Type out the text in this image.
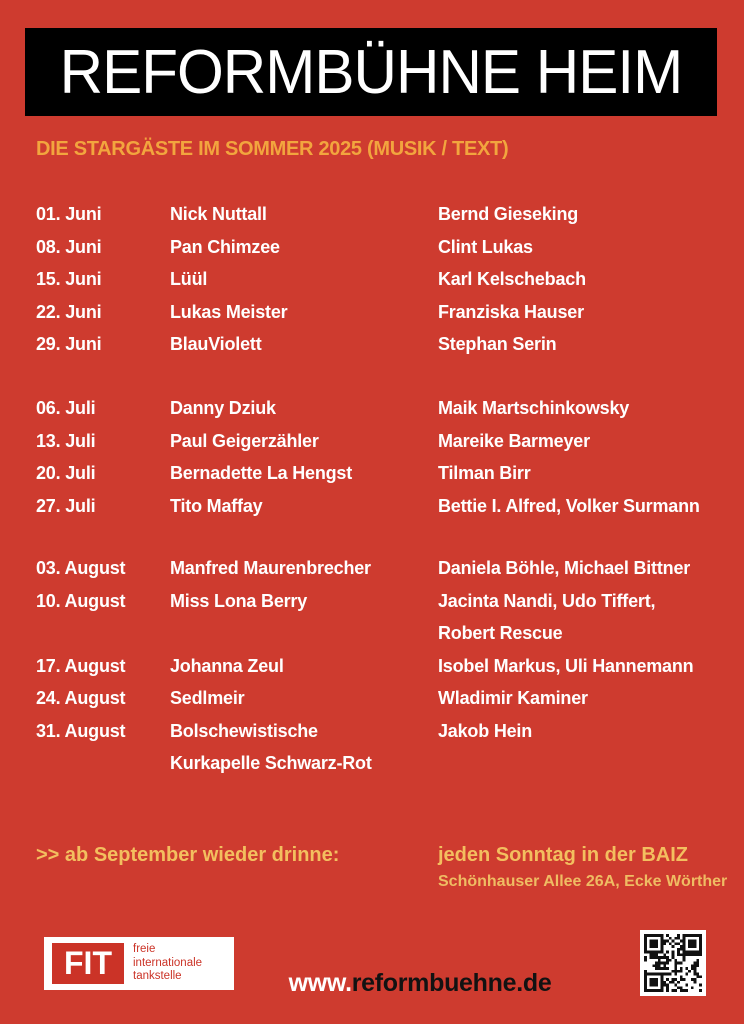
REFORMBÜHNE HEIM
DIE STARGÄSTE IM SOMMER 2025 (MUSIK / TEXT)
01. Juni	Nick Nuttall	Bernd Gieseking
08. Juni	Pan Chimzee	Clint Lukas
15. Juni	Lüül	Karl Kelschebach
22. Juni	Lukas Meister	Franziska Hauser
29. Juni	BlauViolett	Stephan Serin
06. Juli	Danny Dziuk	Maik Martschinkowsky
13. Juli	Paul Geigerzähler	Mareike Barmeyer
20. Juli	Bernadette La Hengst	Tilman Birr
27. Juli	Tito Maffay	Bettie I. Alfred, Volker Surmann
03. August	Manfred Maurenbrecher	Daniela Böhle, Michael Bittner
10. August	Miss Lona Berry	Jacinta Nandi, Udo Tiffert,
Robert Rescue
17. August	Johanna Zeul	Isobel Markus, Uli Hannemann
24. August	Sedlmeir	Wladimir Kaminer
31. August	Bolschewistische	Jakob Hein
Kurkapelle Schwarz-Rot
>> ab September wieder drinne:	jeden Sonntag in der BAIZ
Schönhauser Allee 26A, Ecke Wörther
FIT	freie
internationale
tankstelle	www.reformbuehne.de
